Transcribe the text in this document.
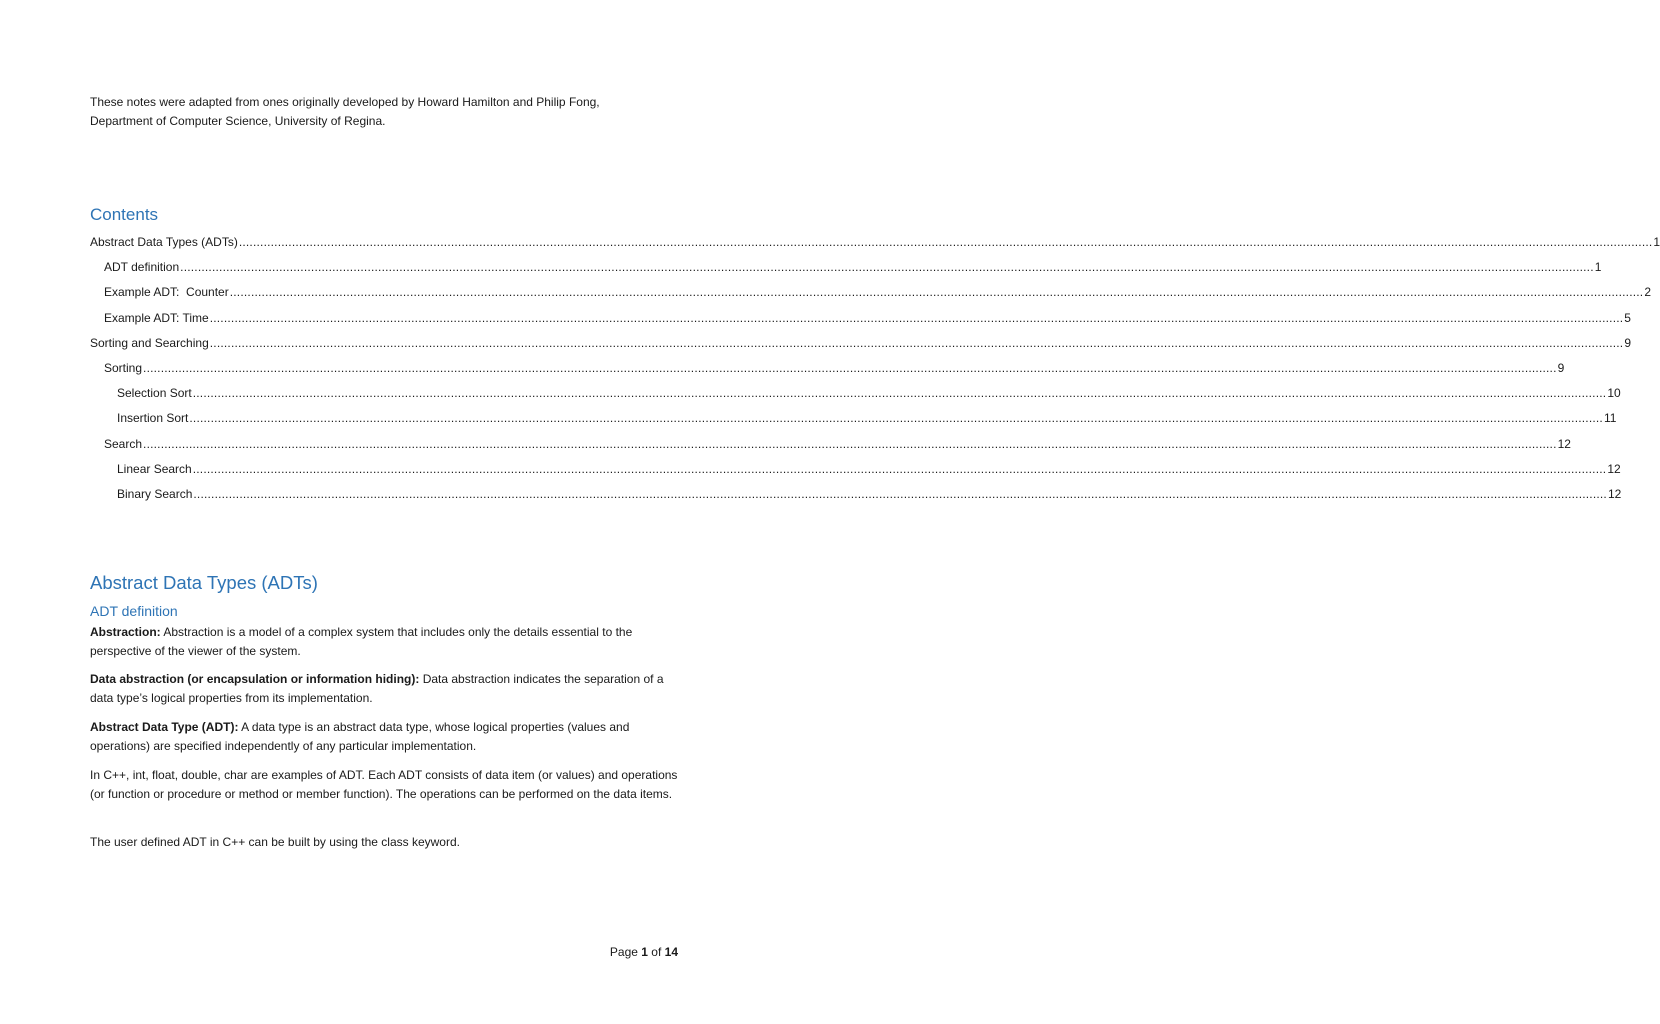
These notes were adapted from ones originally developed by Howard Hamilton and Philip Fong,
Department of Computer Science, University of Regina.
Contents
Abstract Data Types (ADTs) ................................................................................................................................................................................................................................................................................................................................................................................................................ 1
ADT definition ................................................................................................................................................................................................................................................................................................................................................................................................................ 1
Example ADT:  Counter ................................................................................................................................................................................................................................................................................................................................................................................................................ 2
Example ADT: Time ................................................................................................................................................................................................................................................................................................................................................................................................................ 5
Sorting and Searching ................................................................................................................................................................................................................................................................................................................................................................................................................ 9
Sorting ................................................................................................................................................................................................................................................................................................................................................................................................................ 9
Selection Sort ................................................................................................................................................................................................................................................................................................................................................................................................................ 10
Insertion Sort ................................................................................................................................................................................................................................................................................................................................................................................................................ 11
Search ................................................................................................................................................................................................................................................................................................................................................................................................................ 12
Linear Search ................................................................................................................................................................................................................................................................................................................................................................................................................ 12
Binary Search ................................................................................................................................................................................................................................................................................................................................................................................................................ 12
Abstract Data Types (ADTs)
ADT definition

Abstraction: Abstraction is a model of a complex system that includes only the details essential to the perspective of the viewer of the system.

Data abstraction (or encapsulation or information hiding): Data abstraction indicates the separation of a data type’s logical properties from its implementation.

Abstract Data Type (ADT): A data type is an abstract data type, whose logical properties (values and operations) are specified independently of any particular implementation.

In C++, int, float, double, char are examples of ADT. Each ADT consists of data item (or values) and operations (or function or procedure or method or member function). The operations can be performed on the data items.

The user defined ADT in C++ can be built by using the class keyword.

Page 1 of 14
